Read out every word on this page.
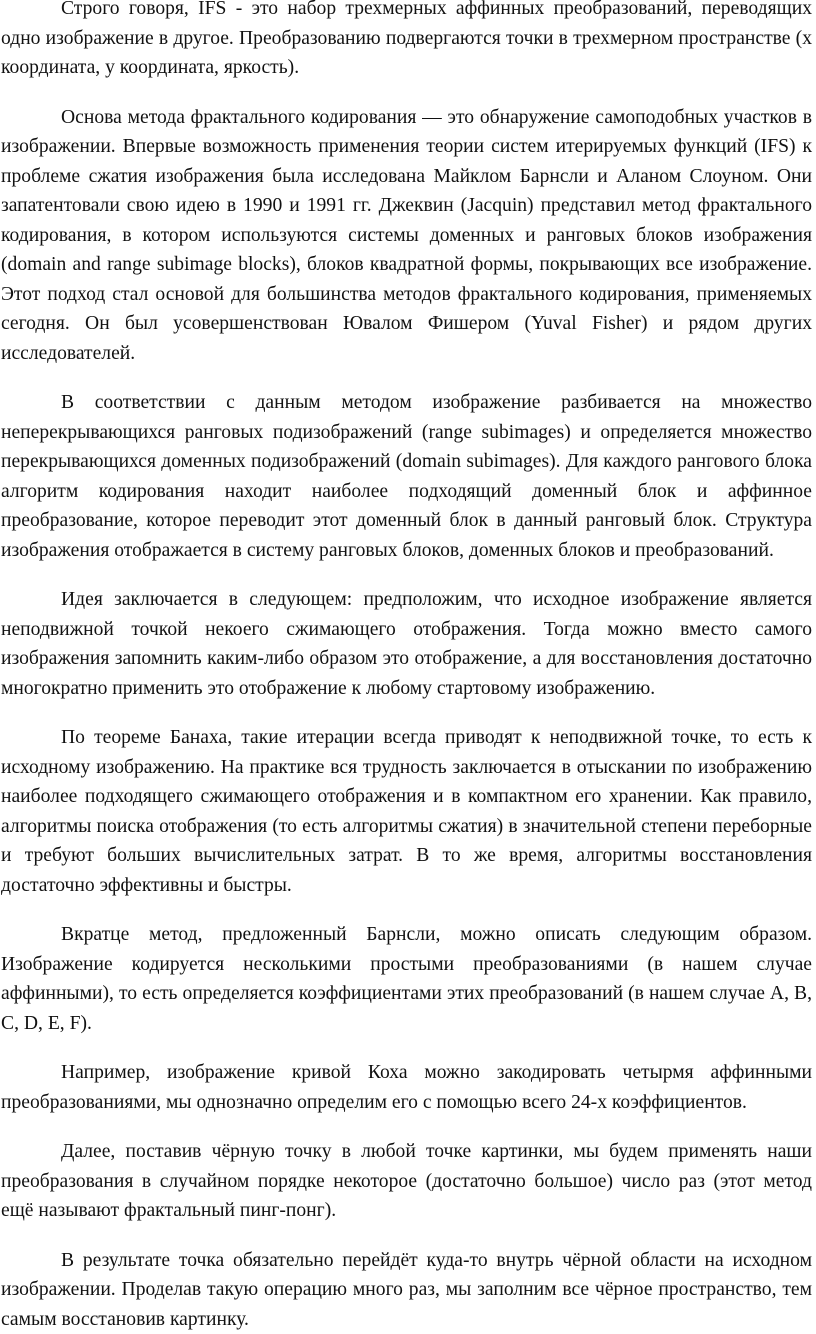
Строго говоря, IFS - это набор трехмерных аффинных преобразований, переводящих одно изображение в другое. Преобразованию подвергаются точки в трехмерном пространстве (х координата, у координата, яркость).

Основа метода фрактального кодирования — это обнаружение самоподобных участков в изображении. Впервые возможность применения теории систем итерируемых функций (IFS) к проблеме сжатия изображения была исследована Майклом Барнсли и Аланом Слоуном. Они запатентовали свою идею в 1990 и 1991 гг. Джеквин (Jacquin) представил метод фрактального кодирования, в котором используются системы доменных и ранговых блоков изображения (domain and range subimage blocks), блоков квадратной формы, покрывающих все изображение. Этот подход стал основой для большинства методов фрактального кодирования, применяемых сегодня. Он был усовершенствован Ювалом Фишером (Yuval Fisher) и рядом других исследователей.

В соответствии с данным методом изображение разбивается на множество неперекрывающихся ранговых подизображений (range subimages) и определяется множество перекрывающихся доменных подизображений (domain subimages). Для каждого рангового блока алгоритм кодирования находит наиболее подходящий доменный блок и аффинное преобразование, которое переводит этот доменный блок в данный ранговый блок. Структура изображения отображается в систему ранговых блоков, доменных блоков и преобразований.

Идея заключается в следующем: предположим, что исходное изображение является неподвижной точкой некоего сжимающего отображения. Тогда можно вместо самого изображения запомнить каким-либо образом это отображение, а для восстановления достаточно многократно применить это отображение к любому стартовому изображению.

По теореме Банаха, такие итерации всегда приводят к неподвижной точке, то есть к исходному изображению. На практике вся трудность заключается в отыскании по изображению наиболее подходящего сжимающего отображения и в компактном его хранении. Как правило, алгоритмы поиска отображения (то есть алгоритмы сжатия) в значительной степени переборные и требуют больших вычислительных затрат. В то же время, алгоритмы восстановления достаточно эффективны и быстры.

Вкратце метод, предложенный Барнсли, можно описать следующим образом. Изображение кодируется несколькими простыми преобразованиями (в нашем случае аффинными), то есть определяется коэффициентами этих преобразований (в нашем случае A, B, C, D, E, F).

Например, изображение кривой Коха можно закодировать четырмя аффинными преобразованиями, мы однозначно определим его с помощью всего 24-х коэффициентов.

Далее, поставив чёрную точку в любой точке картинки, мы будем применять наши преобразования в случайном порядке некоторое (достаточно большое) число раз (этот метод ещё называют фрактальный пинг-понг).

В результате точка обязательно перейдёт куда-то внутрь чёрной области на исходном изображении. Проделав такую операцию много раз, мы заполним все чёрное пространство, тем самым восстановив картинку.
